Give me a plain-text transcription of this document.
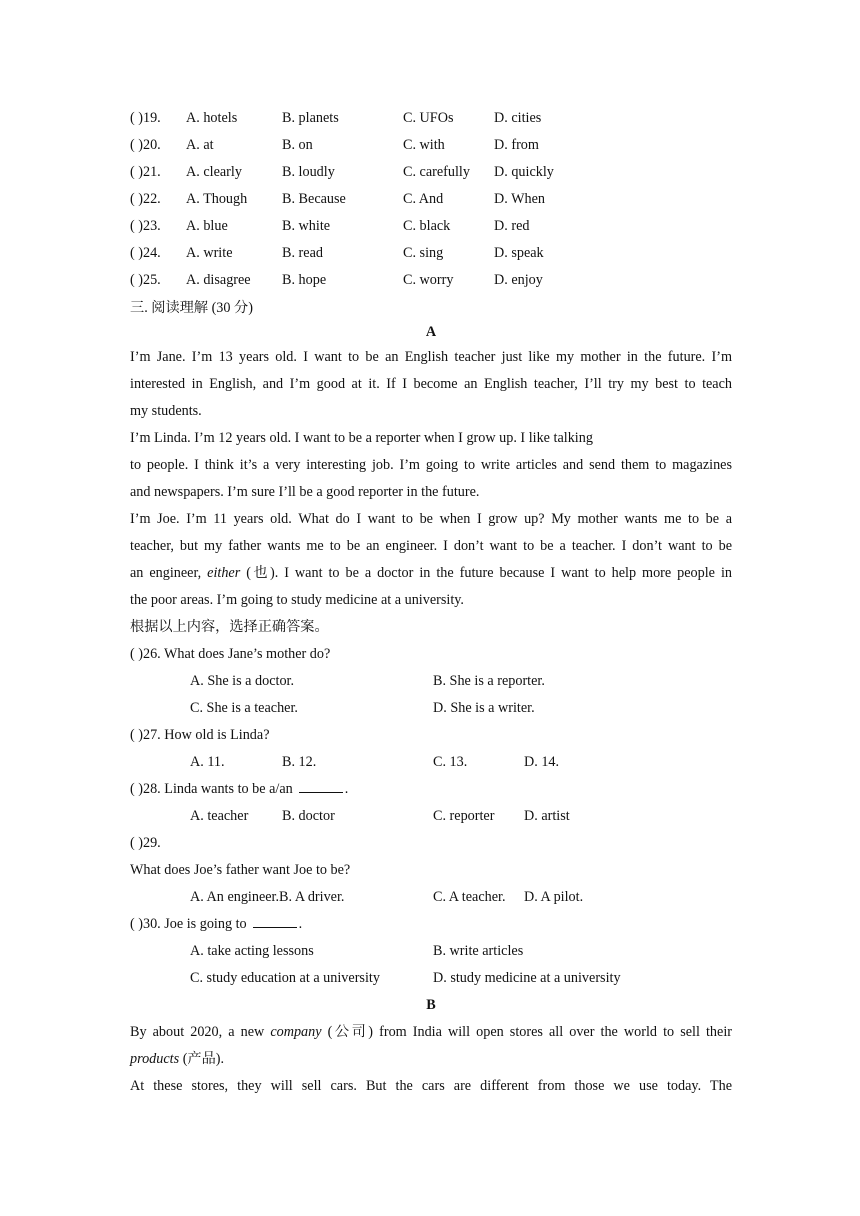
( )19. A. hotels	B. planets	C. UFOs	D. cities
( )20. A. at	B. on	C. with	D. from
( )21. A. clearly	B. loudly	C. carefully D. quickly
( )22. A. Though B. Because	C. And	D. When
( )23. A. blue	B. white	C. black	D. red
( )24. A. write	B. read	C. sing	D. speak
( )25. A. disagree B. hope	C. worry	D. enjoy
三. 阅读理解 (30 分)
A
I’m Jane. I’m 13 years old. I want to be an English teacher just like my mother in the future. I’m
interested in English, and I’m good at it. If I become an English teacher, I’ll try my best to teach
my students.
I’m Linda. I’m 12 years old. I want to be a reporter when I grow up. I like talking
to people. I think it’s a very interesting job. I’m going to write articles and send them to magazines
and newspapers. I’m sure I’ll be a good reporter in the future.
I’m Joe. I’m 11 years old. What do I want to be when I grow up? My mother wants me to be a
teacher, but my father wants me to be an engineer. I don’t want to be a teacher. I don’t want to be
an engineer, either (也). I want to be a doctor in the future because I want to help more people in
the poor areas. I’m going to study medicine at a university.
根据以上内容，选择正确答案。
( )26. What does Jane’s mother do?
A. She is a doctor.	B. She is a reporter.
C. She is a teacher.	D. She is a writer.
( )27. How old is Linda?
A. 11.	B. 12.	C. 13.	D. 14.
( )28. Linda wants to be a/an	.
A. teacher B. doctor	C. reporter D. artist
( )29.
What does Joe’s father want Joe to be?
A. An engineer.B. A driver.	C. A teacher. D. A pilot.
( )30. Joe is going to	.
A. take acting lessons	B. write articles
C. study education at a university	D. study medicine at a university
B
By about 2020, a new company (公司) from India will open stores all over the world to sell their
products (产品).
At these stores, they will sell cars. But the cars are different from those we use today. The
